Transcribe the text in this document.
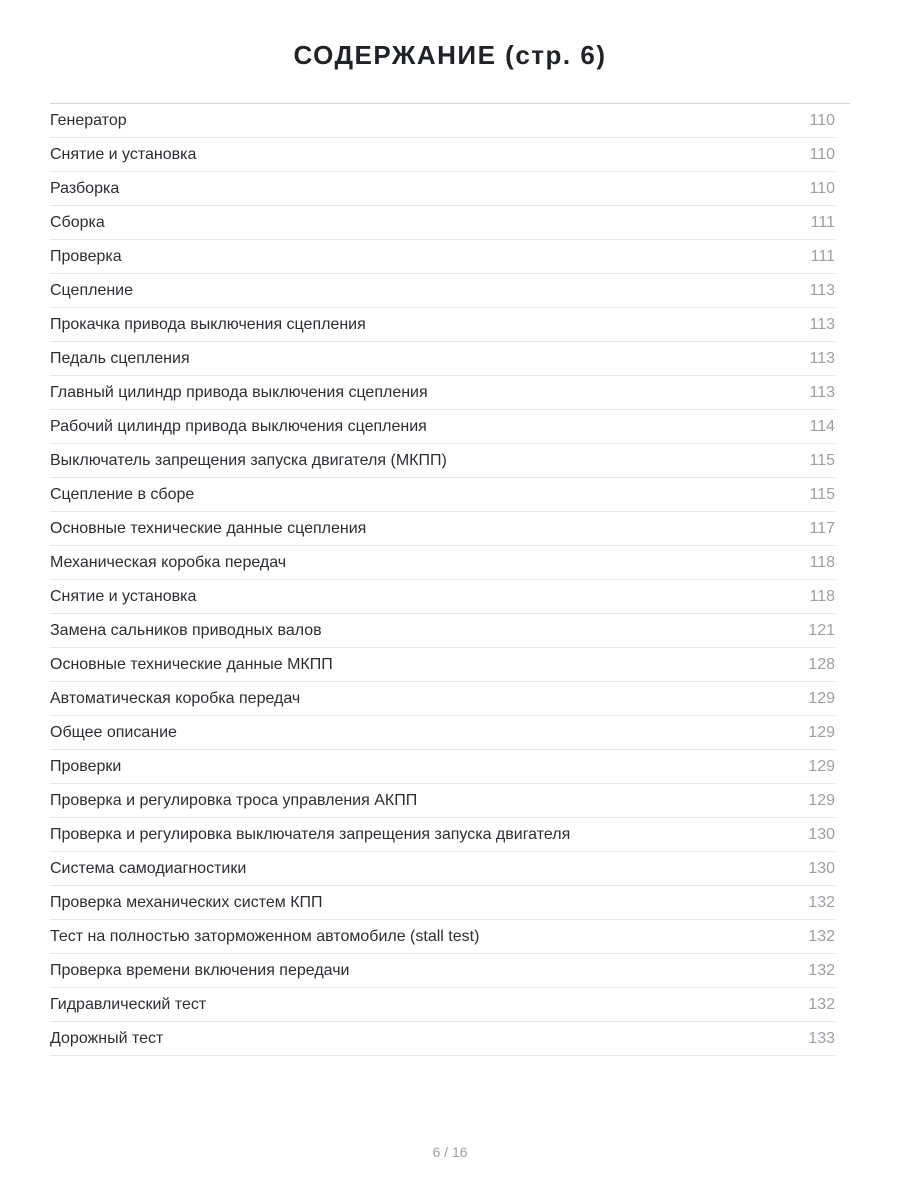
СОДЕРЖАНИЕ (стр. 6)
Генератор	110
Снятие и установка	110
Разборка	110
Сборка	111
Проверка	111
Сцепление	113
Прокачка привода выключения сцепления	113
Педаль сцепления	113
Главный цилиндр привода выключения сцепления	113
Рабочий цилиндр привода выключения сцепления	114
Выключатель запрещения запуска двигателя (МКПП)	115
Сцепление в сборе	115
Основные технические данные сцепления	117
Механическая коробка передач	118
Снятие и установка	118
Замена сальников приводных валов	121
Основные технические данные МКПП	128
Автоматическая коробка передач	129
Общее описание	129
Проверки	129
Проверка и регулировка троса управления АКПП	129
Проверка и регулировка выключателя запрещения запуска двигателя	130
Система самодиагностики	130
Проверка механических систем КПП	132
Тест на полностью заторможенном автомобиле (stall test)	132
Проверка времени включения передачи	132
Гидравлический тест	132
Дорожный тест	133
6 / 16
